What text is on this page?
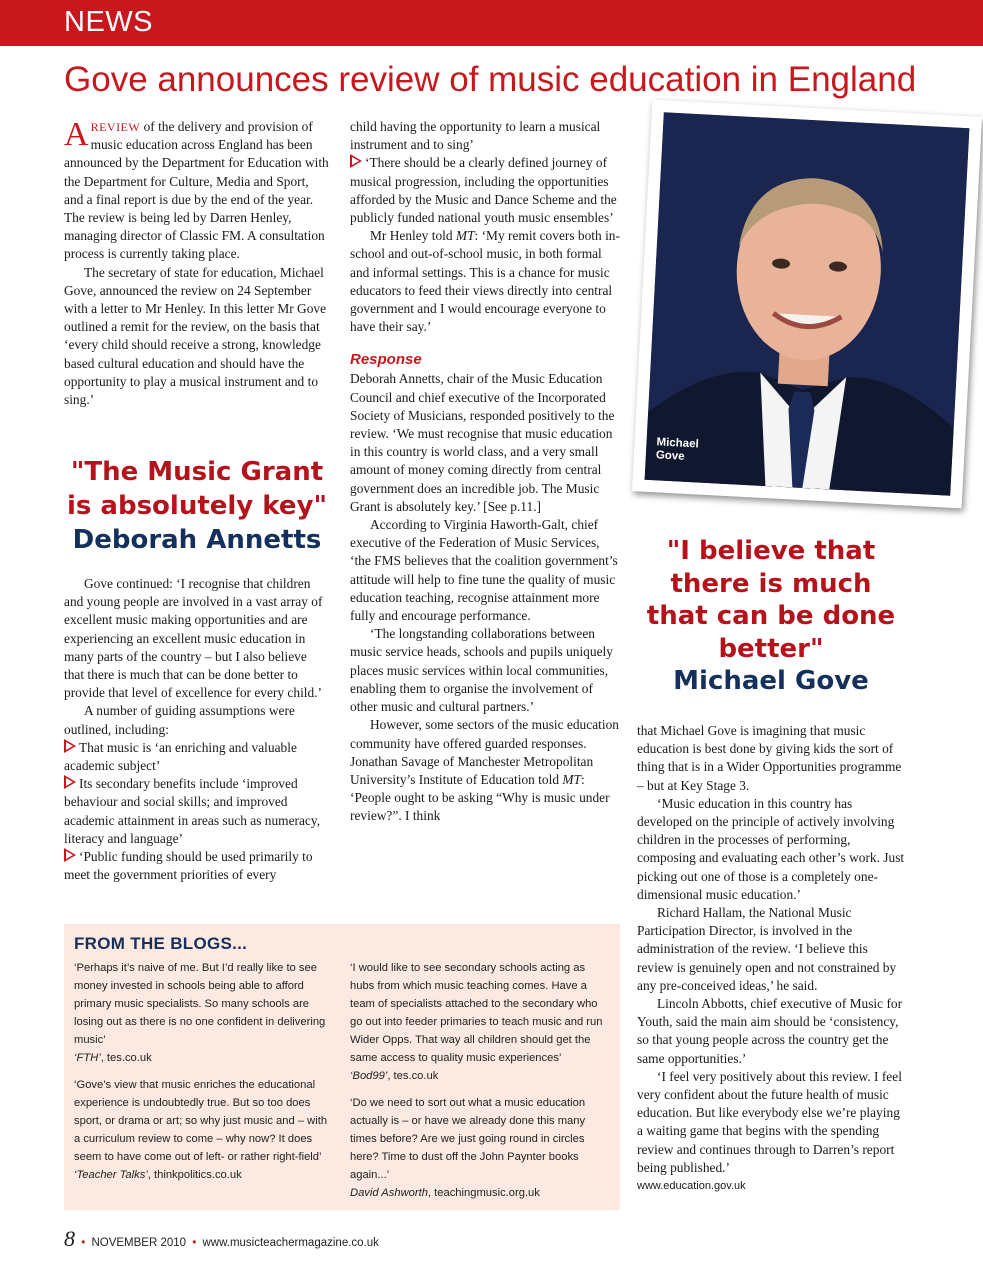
NEWS
Gove announces review of music education in England

AREVIEW of the delivery and provision of music education across England has been announced by the Department for Education with the Department for Culture, Media and Sport, and a final report is due by the end of the year. The review is being led by Darren Henley, managing director of Classic FM. A consultation process is currently taking place.

The secretary of state for education, Michael Gove, announced the review on 24 September with a letter to Mr Henley. In this letter Mr Gove outlined a remit for the review, on the basis that ‘every child should receive a strong, knowledge based cultural education and should have the opportunity to play a musical instrument and to sing.’

"The Music Grant is absolutely key"
Deborah Annetts

Gove continued: ‘I recognise that children and young people are involved in a vast array of excellent music making opportunities and are experiencing an excellent music education in many parts of the country – but I also believe that there is much that can be done better to provide that level of excellence for every child.’

A number of guiding assumptions were outlined, including:

That music is ‘an enriching and valuable academic subject’

Its secondary benefits include ‘improved behaviour and social skills; and improved academic attainment in areas such as numeracy, literacy and language’

‘Public funding should be used primarily to meet the government priorities of every

child having the opportunity to learn a musical instrument and to sing’

‘There should be a clearly defined journey of musical progression, including the opportunities afforded by the Music and Dance Scheme and the publicly funded national youth music ensembles’

Mr Henley told MT: ‘My remit covers both in-school and out-of-school music, in both formal and informal settings. This is a chance for music educators to feed their views directly into central government and I would encourage everyone to have their say.’

Response

Deborah Annetts, chair of the Music Education Council and chief executive of the Incorporated Society of Musicians, responded positively to the review. ‘We must recognise that music education in this country is world class, and a very small amount of money coming directly from central government does an incredible job. The Music Grant is absolutely key.’ [See p.11.]

According to Virginia Haworth-Galt, chief executive of the Federation of Music Services, ‘the FMS believes that the coalition government’s attitude will help to fine tune the quality of music education teaching, recognise attainment more fully and encourage performance.

‘The longstanding collaborations between music service heads, schools and pupils uniquely places music services within local communities, enabling them to organise the involvement of other music and cultural partners.’

However, some sectors of the music education community have offered guarded responses. Jonathan Savage of Manchester Metropolitan University’s Institute of Education told MT: ‘People ought to be asking “Why is music under review?”. I think

Michael Gove
"I believe that there is much that can be done better"
Michael Gove

that Michael Gove is imagining that music education is best done by giving kids the sort of thing that is in a Wider Opportunities programme – but at Key Stage 3.

‘Music education in this country has developed on the principle of actively involving children in the processes of performing, composing and evaluating each other’s work. Just picking out one of those is a completely one-dimensional music education.’

Richard Hallam, the National Music Participation Director, is involved in the administration of the review. ‘I believe this review is genuinely open and not constrained by any pre-conceived ideas,’ he said.

Lincoln Abbotts, chief executive of Music for Youth, said the main aim should be ‘consistency, so that young people across the country get the same opportunities.’

‘I feel very positively about this review. I feel very confident about the future health of music education. But like everybody else we’re playing a waiting game that begins with the spending review and continues through to Darren’s report being published.’

www.education.gov.uk

FROM THE BLOGS...

‘Perhaps it’s naive of me. But I’d really like to see money invested in schools being able to afford primary music specialists. So many schools are losing out as there is no one confident in delivering music’
‘FTH’, tes.co.uk

‘Gove’s view that music enriches the educational experience is undoubtedly true. But so too does sport, or drama or art; so why just music and – with a curriculum review to come – why now? It does seem to have come out of left- or rather right-field’
‘Teacher Talks’, thinkpolitics.co.uk

‘I would like to see secondary schools acting as hubs from which music teaching comes. Have a team of specialists attached to the secondary who go out into feeder primaries to teach music and run Wider Opps. That way all children should get the same access to quality music experiences’
‘Bod99’, tes.co.uk

‘Do we need to sort out what a music education actually is – or have we already done this many times before? Are we just going round in circles here? Time to dust off the John Paynter books again...’
David Ashworth, teachingmusic.org.uk

8 • NOVEMBER 2010 • www.musicteachermagazine.co.uk
